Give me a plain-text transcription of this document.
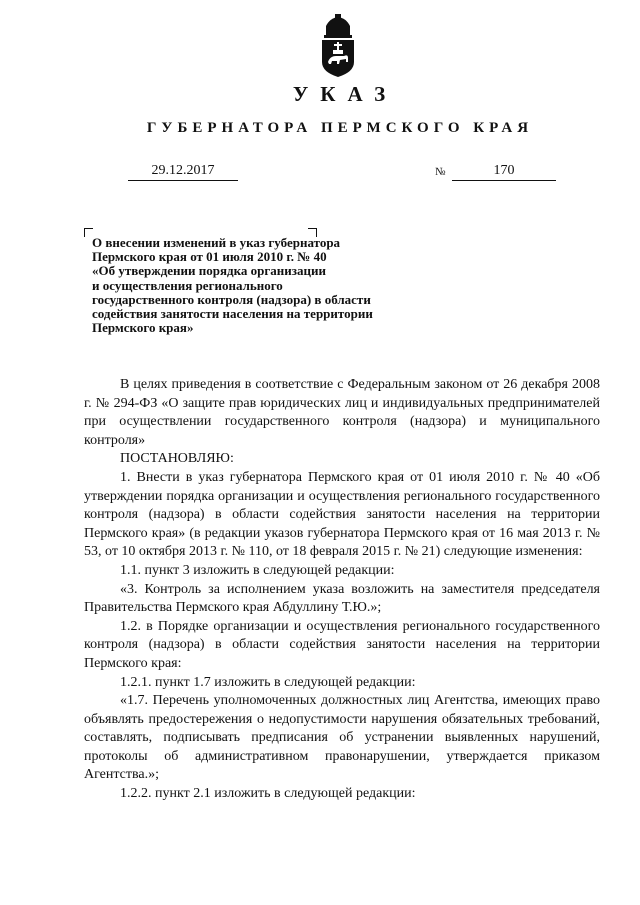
УКАЗ
ГУБЕРНАТОРА ПЕРМСКОГО КРАЯ
29.12.2017	№	170
О внесении изменений в указ губернатора
Пермского края от 01 июля 2010 г. № 40
«Об утверждении порядка организации
и осуществления регионального
государственного контроля (надзора) в области
содействия занятости населения на территории
Пермского края»

В целях приведения в соответствие с Федеральным законом от 26 декабря 2008 г. № 294-ФЗ «О защите прав юридических лиц и индивидуальных предпринимателей при осуществлении государственного контроля (надзора) и муниципального контроля»

ПОСТАНОВЛЯЮ:

1. Внести в указ губернатора Пермского края от 01 июля 2010 г. № 40 «Об утверждении порядка организации и осуществления регионального государственного контроля (надзора) в области содействия занятости населения на территории Пермского края» (в редакции указов губернатора Пермского края от 16 мая 2013 г. № 53, от 10 октября 2013 г. № 110, от 18 февраля 2015 г. № 21) следующие изменения:

1.1. пункт 3 изложить в следующей редакции:

«3. Контроль за исполнением указа возложить на заместителя председателя Правительства Пермского края Абдуллину Т.Ю.»;

1.2. в Порядке организации и осуществления регионального государственного контроля (надзора) в области содействия занятости населения на территории Пермского края:

1.2.1. пункт 1.7 изложить в следующей редакции:

«1.7. Перечень уполномоченных должностных лиц Агентства, имеющих право объявлять предостережения о недопустимости нарушения обязательных требований, составлять, подписывать предписания об устранении выявленных нарушений, протоколы об административном правонарушении, утверждается приказом Агентства.»;

1.2.2. пункт 2.1 изложить в следующей редакции:
